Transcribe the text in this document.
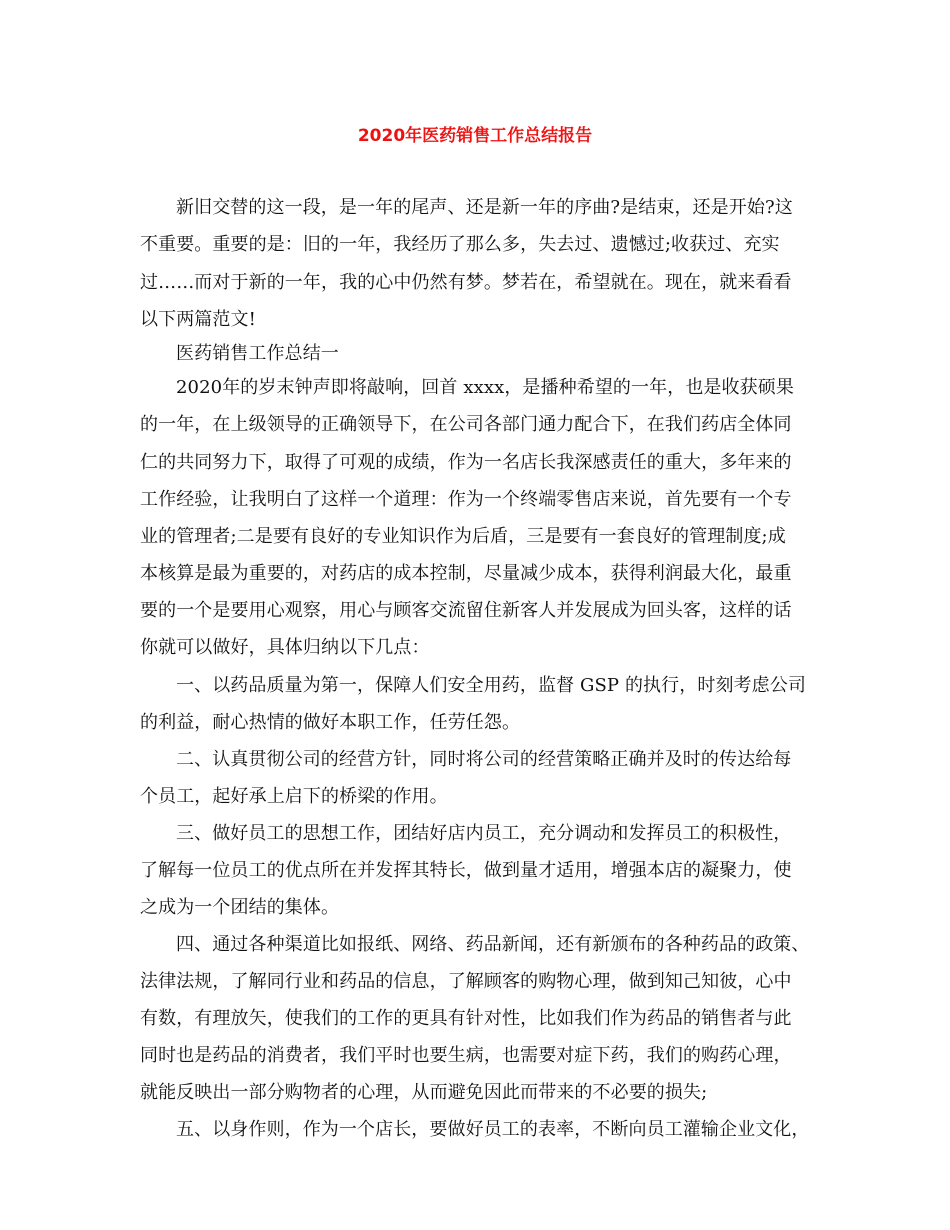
2020年医药销售工作总结报告
新旧交替的这一段，是一年的尾声、还是新一年的序曲?是结束，还是开始?这
不重要。重要的是：旧的一年，我经历了那么多，失去过、遗憾过;收获过、充实
过……而对于新的一年，我的心中仍然有梦。梦若在，希望就在。现在，就来看看
以下两篇范文!
医药销售工作总结一
2020年的岁末钟声即将敲响，回首 xxxx，是播种希望的一年，也是收获硕果
的一年，在上级领导的正确领导下，在公司各部门通力配合下，在我们药店全体同
仁的共同努力下，取得了可观的成绩，作为一名店长我深感责任的重大，多年来的
工作经验，让我明白了这样一个道理：作为一个终端零售店来说，首先要有一个专
业的管理者;二是要有良好的专业知识作为后盾，三是要有一套良好的管理制度;成
本核算是最为重要的，对药店的成本控制，尽量减少成本，获得利润最大化，最重
要的一个是要用心观察，用心与顾客交流留住新客人并发展成为回头客，这样的话
你就可以做好，具体归纳以下几点：
一、以药品质量为第一，保障人们安全用药，监督 GSP 的执行，时刻考虑公司
的利益，耐心热情的做好本职工作，任劳任怨。
二、认真贯彻公司的经营方针，同时将公司的经营策略正确并及时的传达给每
个员工，起好承上启下的桥梁的作用。
三、做好员工的思想工作，团结好店内员工，充分调动和发挥员工的积极性，
了解每一位员工的优点所在并发挥其特长，做到量才适用，增强本店的凝聚力，使
之成为一个团结的集体。
四、通过各种渠道比如报纸、网络、药品新闻，还有新颁布的各种药品的政策、
法律法规，了解同行业和药品的信息，了解顾客的购物心理，做到知己知彼，心中
有数，有理放矢，使我们的工作的更具有针对性，比如我们作为药品的销售者与此
同时也是药品的消费者，我们平时也要生病，也需要对症下药，我们的购药心理，
就能反映出一部分购物者的心理，从而避免因此而带来的不必要的损失;
五、以身作则，作为一个店长，要做好员工的表率，不断向员工灌输企业文化，
